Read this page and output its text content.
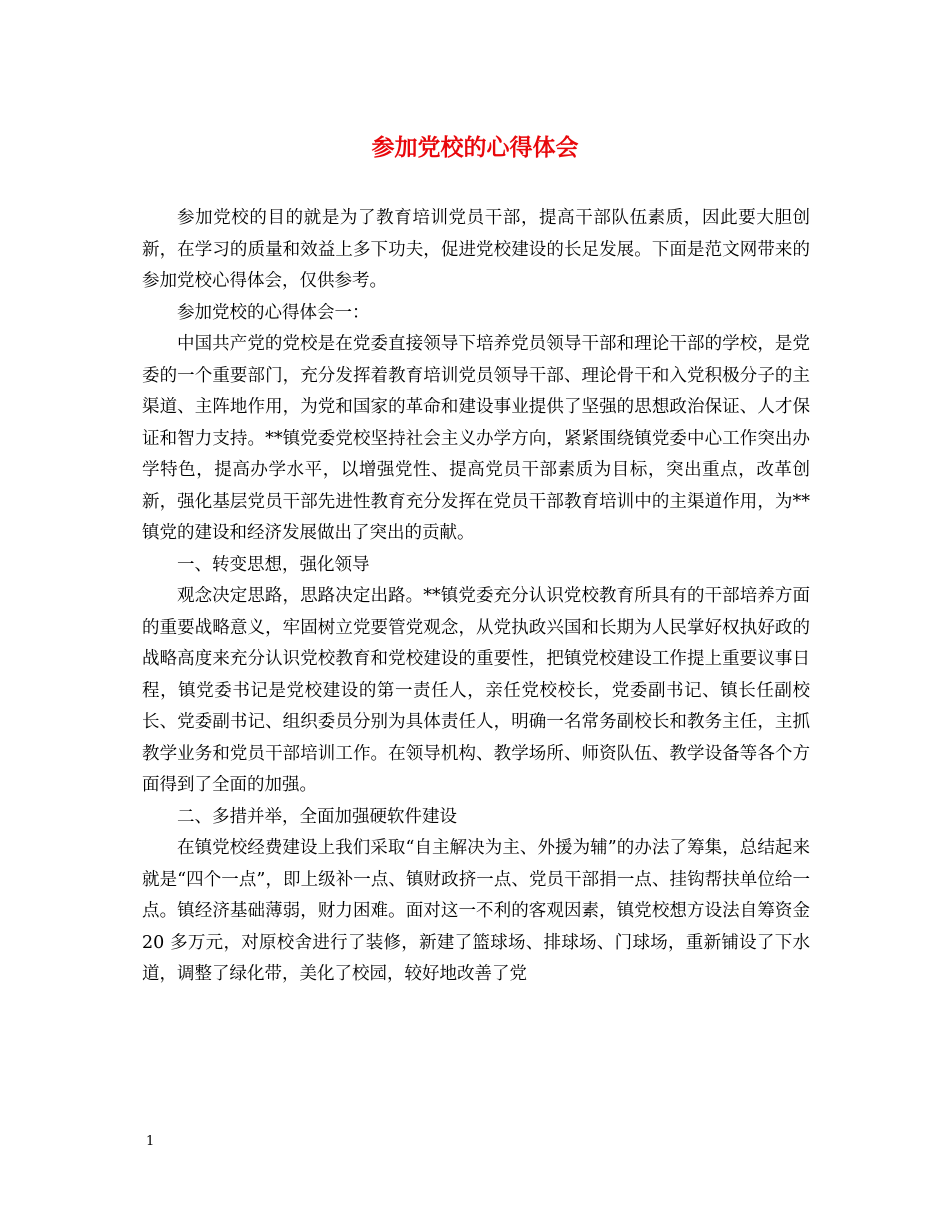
参加党校的心得体会

参加党校的目的就是为了教育培训党员干部，提高干部队伍素质，因此要大胆创新，在学习的质量和效益上多下功夫，促进党校建设的长足发展。下面是范文网带来的参加党校心得体会，仅供参考。

参加党校的心得体会一：

中国共产党的党校是在党委直接领导下培养党员领导干部和理论干部的学校，是党委的一个重要部门，充分发挥着教育培训党员领导干部、理论骨干和入党积极分子的主渠道、主阵地作用，为党和国家的革命和建设事业提供了坚强的思想政治保证、人才保证和智力支持。**镇党委党校坚持社会主义办学方向，紧紧围绕镇党委中心工作突出办学特色，提高办学水平，以增强党性、提高党员干部素质为目标，突出重点，改革创新，强化基层党员干部先进性教育充分发挥在党员干部教育培训中的主渠道作用，为**镇党的建设和经济发展做出了突出的贡献。

一、转变思想，强化领导

观念决定思路，思路决定出路。**镇党委充分认识党校教育所具有的干部培养方面的重要战略意义，牢固树立党要管党观念，从党执政兴国和长期为人民掌好权执好政的战略高度来充分认识党校教育和党校建设的重要性，把镇党校建设工作提上重要议事日程，镇党委书记是党校建设的第一责任人，亲任党校校长，党委副书记、镇长任副校长、党委副书记、组织委员分别为具体责任人，明确一名常务副校长和教务主任，主抓教学业务和党员干部培训工作。在领导机构、教学场所、师资队伍、教学设备等各个方面得到了全面的加强。

二、多措并举，全面加强硬软件建设

在镇党校经费建设上我们采取“自主解决为主、外援为辅”的办法了筹集，总结起来就是“四个一点”，即上级补一点、镇财政挤一点、党员干部捐一点、挂钩帮扶单位给一点。镇经济基础薄弱，财力困难。面对这一不利的客观因素，镇党校想方设法自筹资金 20 多万元，对原校舍进行了装修，新建了篮球场、排球场、门球场，重新铺设了下水道，调整了绿化带，美化了校园，较好地改善了党

1
